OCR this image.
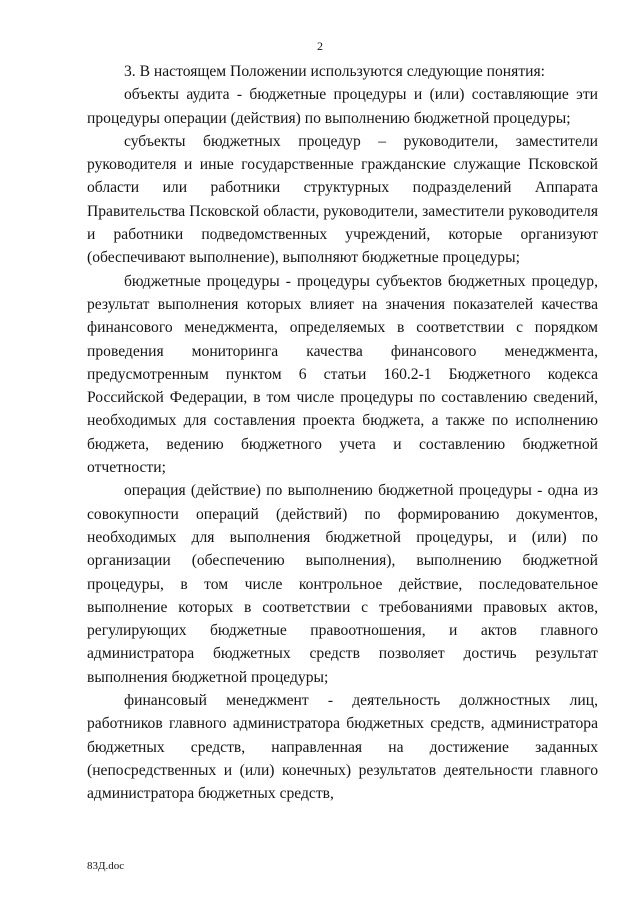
2

3. В настоящем Положении используются следующие понятия:

объекты аудита - бюджетные процедуры и (или) составляющие эти процедуры операции (действия) по выполнению бюджетной процедуры;

субъекты бюджетных процедур – руководители, заместители руководителя и иные государственные гражданские служащие Псковской области или работники структурных подразделений Аппарата Правительства Псковской области, руководители, заместители руководителя и работники подведомственных учреждений, которые организуют (обеспечивают выполнение), выполняют бюджетные процедуры;

бюджетные процедуры - процедуры субъектов бюджетных процедур, результат выполнения которых влияет на значения показателей качества финансового менеджмента, определяемых в соответствии с порядком проведения мониторинга качества финансового менеджмента, предусмотренным пунктом 6 статьи 160.2-1 Бюджетного кодекса Российской Федерации, в том числе процедуры по составлению сведений, необходимых для составления проекта бюджета, а также по исполнению бюджета, ведению бюджетного учета и составлению бюджетной отчетности;

операция (действие) по выполнению бюджетной процедуры - одна из совокупности операций (действий) по формированию документов, необходимых для выполнения бюджетной процедуры, и (или) по организации (обеспечению выполнения), выполнению бюджетной процедуры, в том числе контрольное действие, последовательное выполнение которых в соответствии с требованиями правовых актов, регулирующих бюджетные правоотношения, и актов главного администратора бюджетных средств позволяет достичь результат выполнения бюджетной процедуры;

финансовый менеджмент - деятельность должностных лиц, работников главного администратора бюджетных средств, администратора бюджетных средств, направленная на достижение заданных (непосредственных и (или) конечных) результатов деятельности главного администратора бюджетных средств,

83Д.doc
